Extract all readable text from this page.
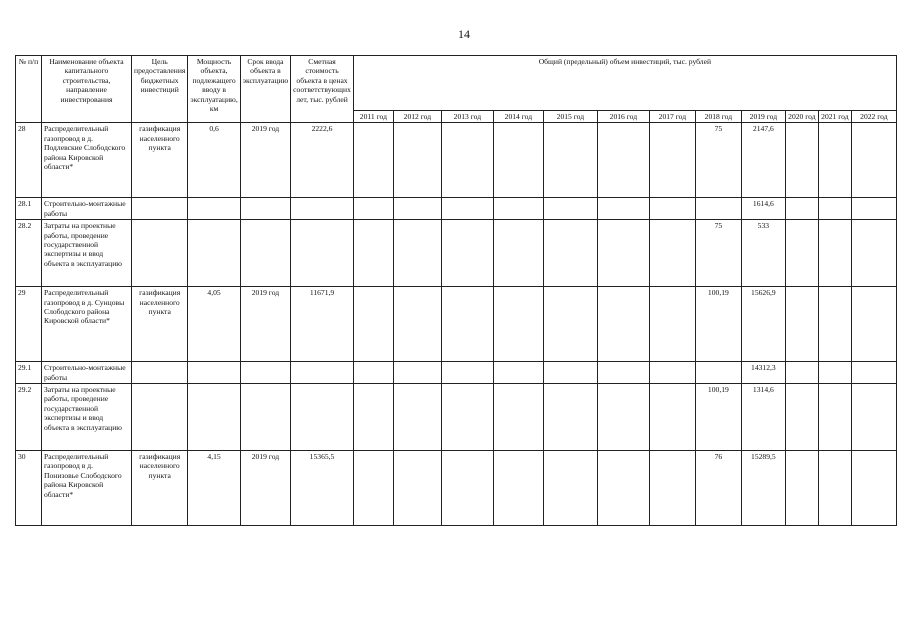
14
№ п/п	Наименование объекта капитального строительства, направление инвестирования	Цель предоставления бюджетных инвестиций	Мощность объекта, подлежащего вводу в эксплуатацию, км	Срок ввода объекта в эксплуатацию	Сметная стоимость объекта в ценах соответствующих лет, тыс. рублей	Общий (предельный) объем инвестиций, тыс. рублей											
						2011 год	2012 год	2013 год	2014 год	2015 год	2016 год	2017 год	2018 год	2019 год	2020 год	2021 год	2022 год
28	Распределительный газопровод в д. Подлевские Слободского района Кировской области*	газификация населенного пункта	0,6	2019 год	2222,6								75	2147,6			
28.1	Строительно-монтажные работы													1614,6			
28.2	Затраты на проектные работы, проведение государственной экспертизы и ввод объекта в эксплуатацию												75	533			
29	Распределительный газопровод в д. Сунцовы Слободского района Кировской области*	газификация населенного пункта	4,05	2019 год	11671,9								100,19	15626,9			
29.1	Строительно-монтажные работы													14312,3			
29.2	Затраты на проектные работы, проведение государственной экспертизы и ввод объекта в эксплуатацию												100,19	1314,6			
30	Распределительный газопровод в д. Понизовье Слободского района Кировской области*	газификация населенного пункта	4,15	2019 год	15365,5								76	15289,5			
